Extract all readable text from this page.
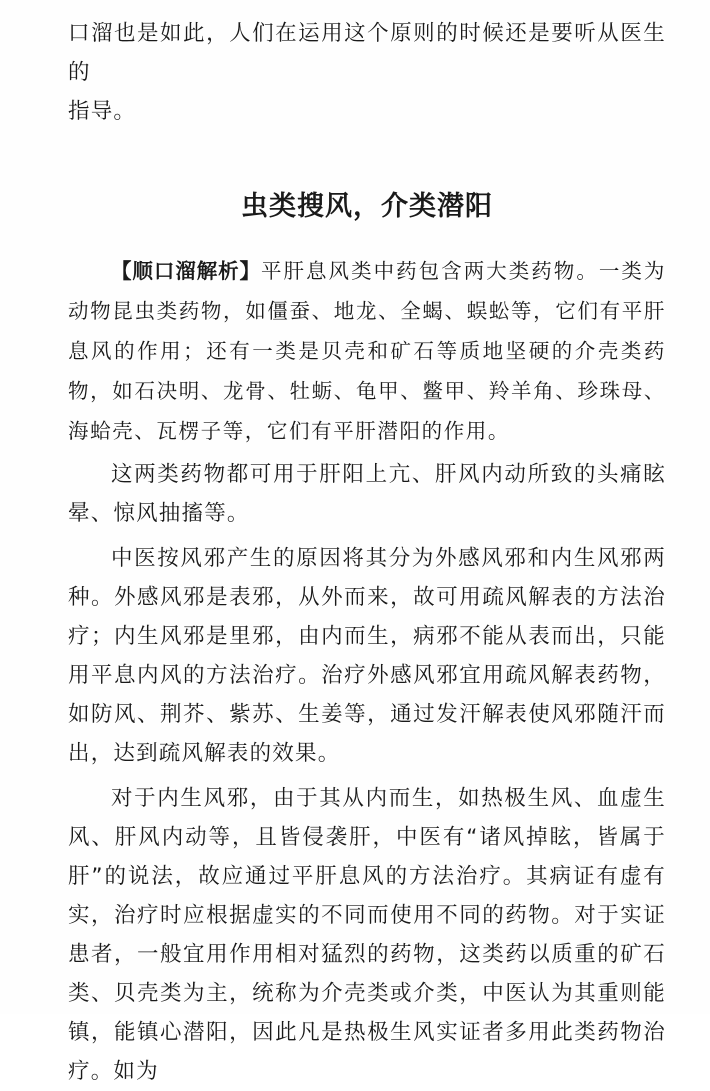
口溜也是如此，人们在运用这个原则的时候还是要听从医生的

指导。

虫类搜风，介类潜阳

【顺口溜解析】平肝息风类中药包含两大类药物。一类为动物昆虫类药物，如僵蚕、地龙、全蝎、蜈蚣等，它们有平肝息风的作用；还有一类是贝壳和矿石等质地坚硬的介壳类药物，如石决明、龙骨、牡蛎、龟甲、鳖甲、羚羊角、珍珠母、海蛤壳、瓦楞子等，它们有平肝潜阳的作用。

这两类药物都可用于肝阳上亢、肝风内动所致的头痛眩晕、惊风抽搐等。

中医按风邪产生的原因将其分为外感风邪和内生风邪两种。外感风邪是表邪，从外而来，故可用疏风解表的方法治疗；内生风邪是里邪，由内而生，病邪不能从表而出，只能用平息内风的方法治疗。治疗外感风邪宜用疏风解表药物，如防风、荆芥、紫苏、生姜等，通过发汗解表使风邪随汗而出，达到疏风解表的效果。

对于内生风邪，由于其从内而生，如热极生风、血虚生风、肝风内动等，且皆侵袭肝，中医有“诸风掉眩，皆属于肝”的说法，故应通过平肝息风的方法治疗。其病证有虚有实，治疗时应根据虚实的不同而使用不同的药物。对于实证患者，一般宜用作用相对猛烈的药物，这类药以质重的矿石类、贝壳类为主，统称为介壳类或介类，中医认为其重则能镇，能镇心潜阳，因此凡是热极生风实证者多用此类药物治疗。如为
